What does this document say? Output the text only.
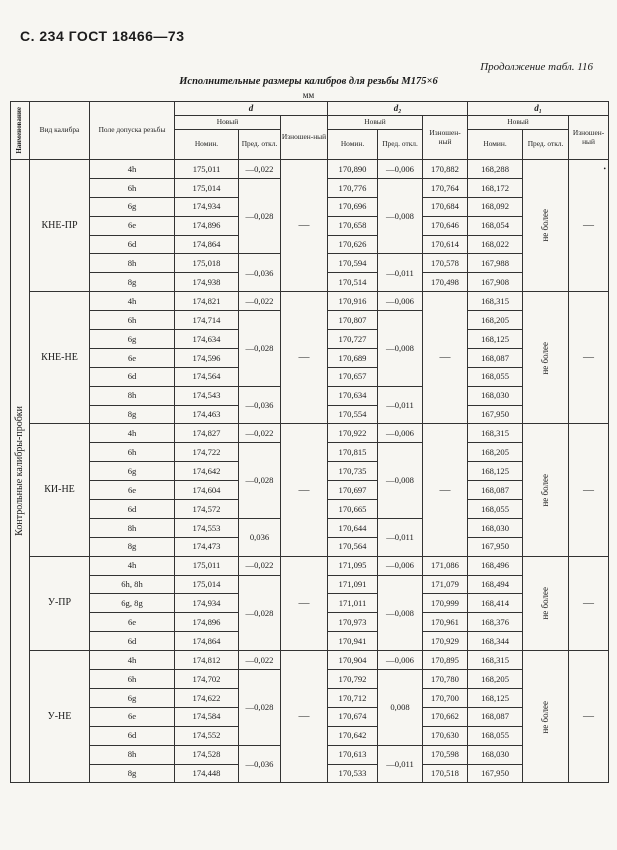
С. 234 ГОСТ 18466—73
Продолжение табл. 116
Исполнительные размеры калибров для резьбы М175×6
мм
•
Наименование	Вид калибра	Поле допуска резьбы	d			d₂			d₁		
			Новый		Изношен-ный	Новый		Изношен-ный	Новый		Изношен-ный
			Номин.	Пред. откл.		Номин.	Пред. откл.		Номин.	Пред. откл.	

Контрольные калибры-пробки	КНЕ-ПР	4h	175,011	—0,022	—	170,890	—0,006	170,882	168,288	не более	—
		6h	175,014	—0,028		170,776	—0,008	170,764	168,172		
		6g	174,934			170,696		170,684	168,092		
		6e	174,896			170,658		170,646	168,054		
		6d	174,864			170,626		170,614	168,022		
		8h	175,018	—0,036		170,594	—0,011	170,578	167,988		
		8g	174,938			170,514		170,498	167,908		
	КНЕ-НЕ	4h	174,821	—0,022	—	170,916	—0,006	—	168,315	не более	—
		6h	174,714	—0,028		170,807	—0,008		168,205		
		6g	174,634			170,727			168,125		
		6e	174,596			170,689			168,087		
		6d	174,564			170,657			168,055		
		8h	174,543	—0,036		170,634	—0,011		168,030		
		8g	174,463			170,554			167,950		
	КИ-НЕ	4h	174,827	—0,022	—	170,922	—0,006	—	168,315	не более	—
		6h	174,722	—0,028		170,815	—0,008		168,205		
		6g	174,642			170,735			168,125		
		6e	174,604			170,697			168,087		
		6d	174,572			170,665			168,055		
		8h	174,553	0,036		170,644	—0,011		168,030		
		8g	174,473			170,564			167,950		
	У-ПР	4h	175,011	—0,022	—	171,095	—0,006	171,086	168,496	не более	—
		6h, 8h	175,014	—0,028		171,091	—0,008	171,079	168,494		
		6g, 8g	174,934			171,011		170,999	168,414		
		6e	174,896			170,973		170,961	168,376		
		6d	174,864			170,941		170,929	168,344		
	У-НЕ	4h	174,812	—0,022	—	170,904	—0,006	170,895	168,315	не более	—
		6h	174,702	—0,028		170,792	0,008	170,780	168,205		
		6g	174,622			170,712		170,700	168,125		
		6e	174,584			170,674		170,662	168,087		
		6d	174,552			170,642		170,630	168,055		
		8h	174,528	—0,036		170,613	—0,011	170,598	168,030		
		8g	174,448			170,533		170,518	167,950		
